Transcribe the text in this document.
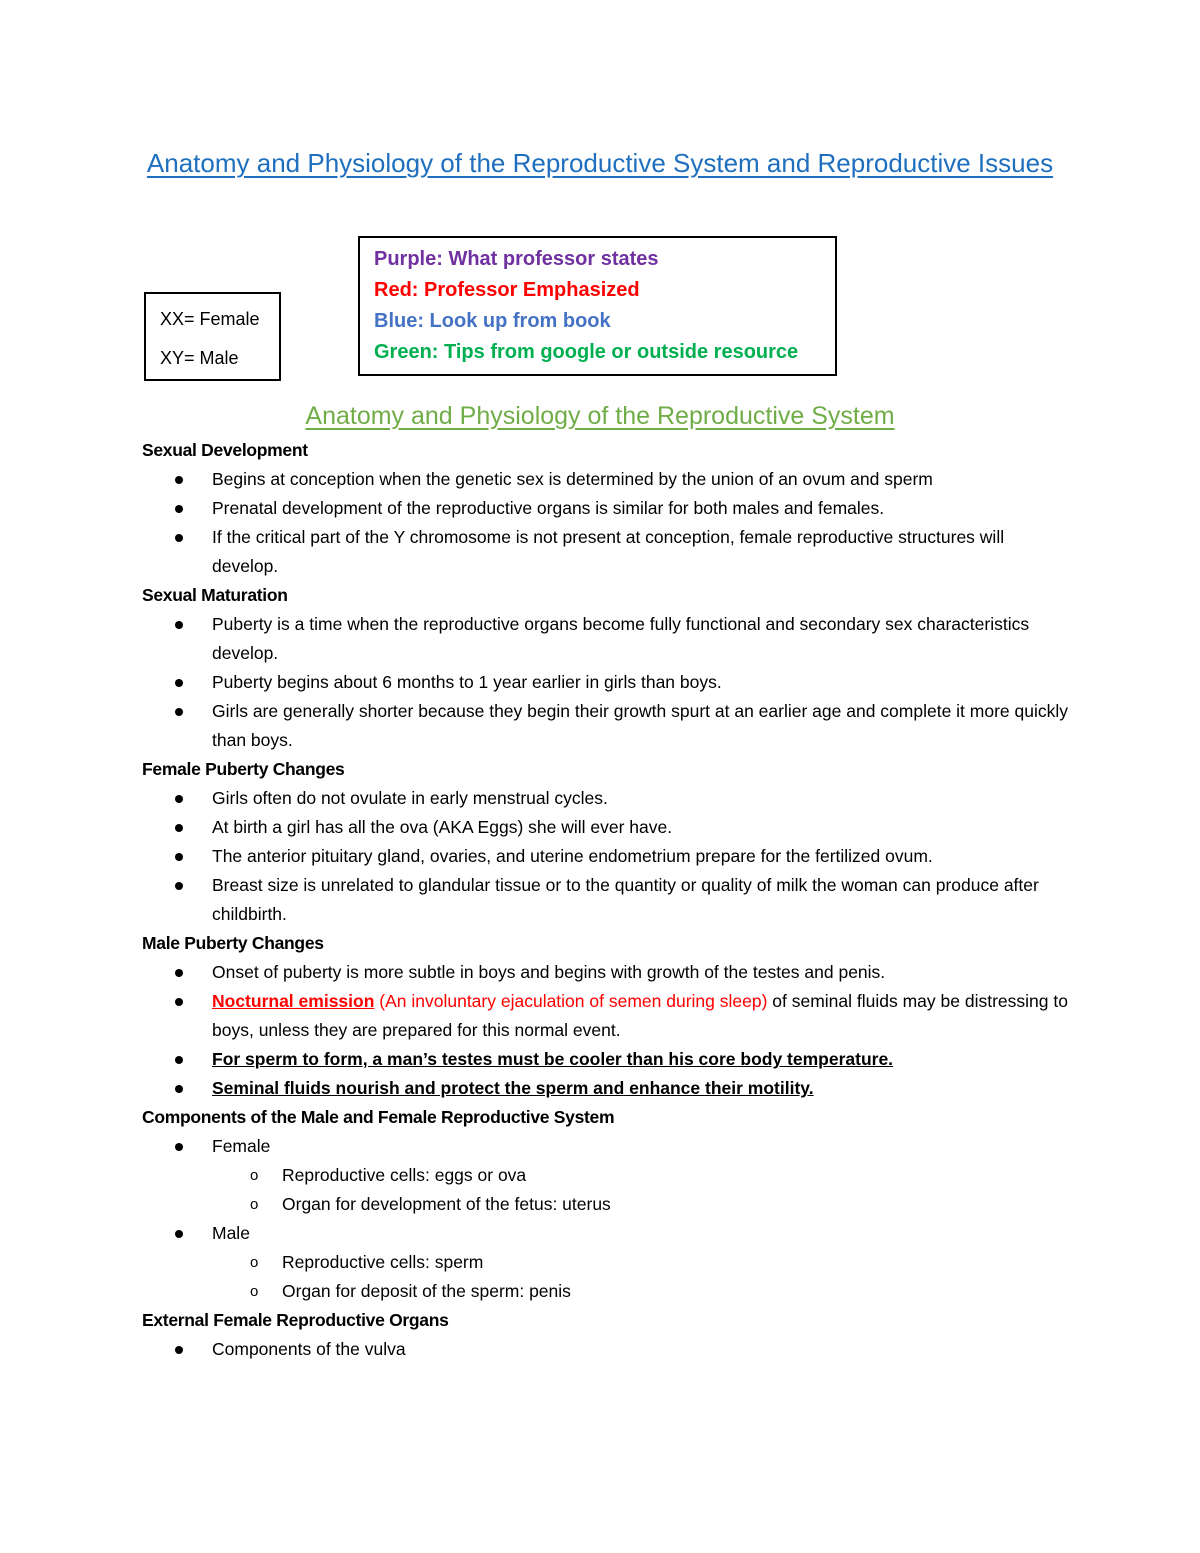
Anatomy and Physiology of the Reproductive System and Reproductive Issues
XX= Female
XY= Male
Purple: What professor states
Red: Professor Emphasized
Blue: Look up from book
Green: Tips from google or outside resource
Anatomy and Physiology of the Reproductive System
Sexual Development
Begins at conception when the genetic sex is determined by the union of an ovum and sperm
Prenatal development of the reproductive organs is similar for both males and females.
If the critical part of the Y chromosome is not present at conception, female reproductive structures will develop.
Sexual Maturation
Puberty is a time when the reproductive organs become fully functional and secondary sex characteristics develop.
Puberty begins about 6 months to 1 year earlier in girls than boys.
Girls are generally shorter because they begin their growth spurt at an earlier age and complete it more quickly than boys.
Female Puberty Changes
Girls often do not ovulate in early menstrual cycles.
At birth a girl has all the ova (AKA Eggs) she will ever have.
The anterior pituitary gland, ovaries, and uterine endometrium prepare for the fertilized ovum.
Breast size is unrelated to glandular tissue or to the quantity or quality of milk the woman can produce after childbirth.
Male Puberty Changes
Onset of puberty is more subtle in boys and begins with growth of the testes and penis.
Nocturnal emission (An involuntary ejaculation of semen during sleep) of seminal fluids may be distressing to boys, unless they are prepared for this normal event.
For sperm to form, a man’s testes must be cooler than his core body temperature.
Seminal fluids nourish and protect the sperm and enhance their motility.
Components of the Male and Female Reproductive System
Female
o Reproductive cells: eggs or ova
o Organ for development of the fetus: uterus
Male
o Reproductive cells: sperm
o Organ for deposit of the sperm: penis
External Female Reproductive Organs
Components of the vulva
